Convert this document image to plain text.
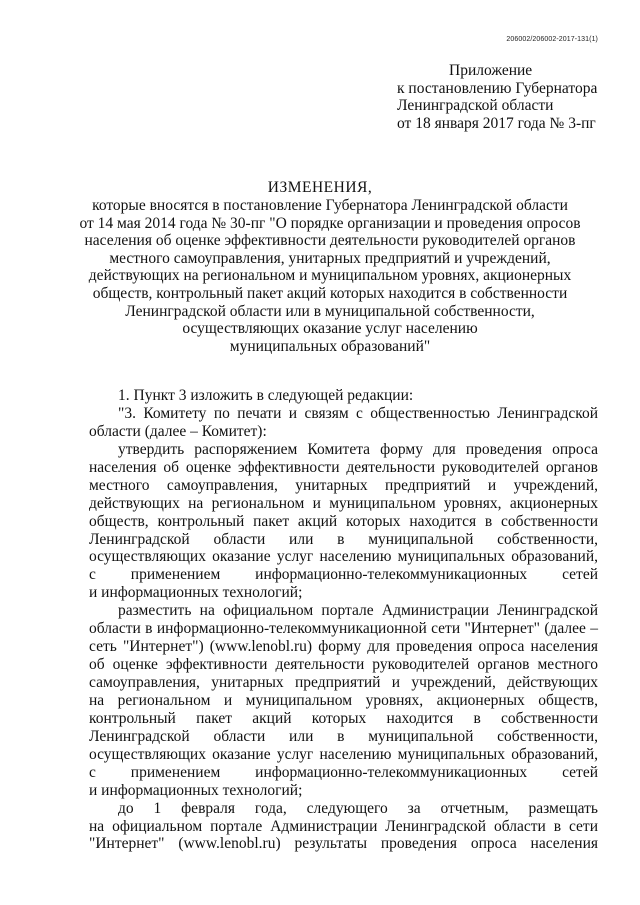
206002/206002-2017-131(1)
Приложение
к постановлению Губернатора
Ленинградской области
от 18 января 2017 года № 3-пг
ИЗМЕНЕНИЯ,
которые вносятся в постановление Губернатора Ленинградской области
от 14 мая 2014 года № 30-пг "О порядке организации и проведения опросов
населения об оценке эффективности деятельности руководителей органов
местного самоуправления, унитарных предприятий и учреждений,
действующих на региональном и муниципальном уровнях, акционерных
обществ, контрольный пакет акций которых находится в собственности
Ленинградской области или в муниципальной собственности,
осуществляющих оказание услуг населению
муниципальных образований"
1. Пункт 3 изложить в следующей редакции:
"3. Комитету по печати и связям с общественностью Ленинградской
области (далее – Комитет):
утвердить распоряжением Комитета форму для проведения опроса
населения об оценке эффективности деятельности руководителей органов
местного самоуправления, унитарных предприятий и учреждений,
действующих на региональном и муниципальном уровнях, акционерных
обществ, контрольный пакет акций которых находится в собственности
Ленинградской области или в муниципальной собственности,
осуществляющих оказание услуг населению муниципальных образований,
с применением информационно-телекоммуникационных сетей
и информационных технологий;
разместить на официальном портале Администрации Ленинградской
области в информационно-телекоммуникационной сети "Интернет" (далее –
сеть "Интернет") (www.lenobl.ru) форму для проведения опроса населения
об оценке эффективности деятельности руководителей органов местного
самоуправления, унитарных предприятий и учреждений, действующих
на региональном и муниципальном уровнях, акционерных обществ,
контрольный пакет акций которых находится в собственности
Ленинградской области или в муниципальной собственности,
осуществляющих оказание услуг населению муниципальных образований,
с применением информационно-телекоммуникационных сетей
и информационных технологий;
до 1 февраля года, следующего за отчетным, размещать
на официальном портале Администрации Ленинградской области в сети
"Интернет" (www.lenobl.ru) результаты проведения опроса населения
